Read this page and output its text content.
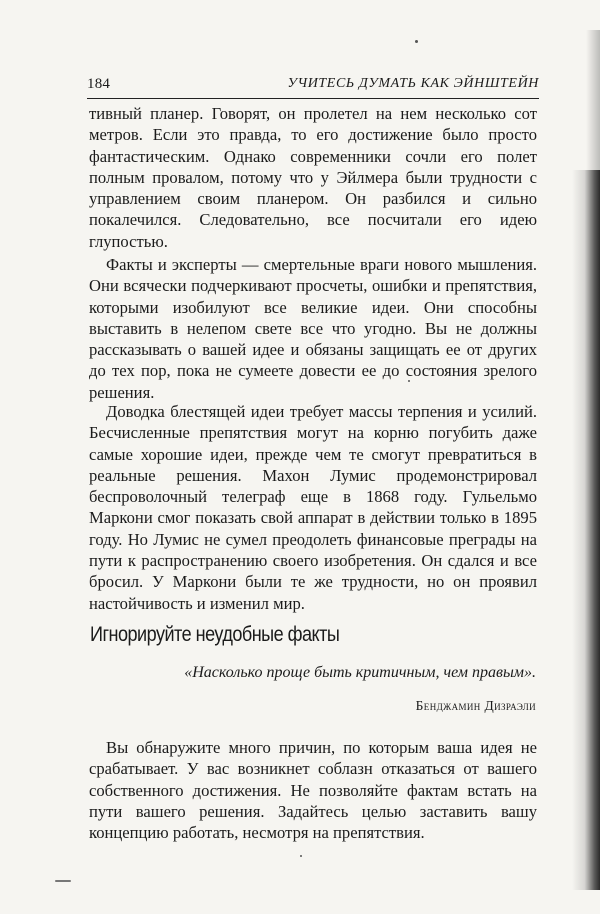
184	УЧИТЕСЬ ДУМАТЬ КАК ЭЙНШТЕЙН

тивный планер. Говорят, он пролетел на нем несколько сот метров. Если это правда, то его достижение было просто фантастическим. Однако современники сочли его полет полным провалом, потому что у Эйлмера были трудности с управлением своим планером. Он разбился и сильно покалечился. Следовательно, все посчитали его идею глупостью.

Факты и эксперты — смертельные враги нового мышления. Они всячески подчеркивают просчеты, ошибки и препятствия, которыми изобилуют все великие идеи. Они способны выставить в нелепом свете все что угодно. Вы не должны рассказывать о вашей идее и обязаны защищать ее от других до тех пор, пока не сумеете довести ее до состояния зрелого решения.

Доводка блестящей идеи требует массы терпения и усилий. Бесчисленные препятствия могут на корню погубить даже самые хорошие идеи, прежде чем те смогут превратиться в реальные решения. Махон Лумис продемонстрировал беспроволочный телеграф еще в 1868 году. Гульельмо Маркони смог показать свой аппарат в действии только в 1895 году. Но Лумис не сумел преодолеть финансовые преграды на пути к распространению своего изобретения. Он сдался и все бросил. У Маркони были те же трудности, но он проявил настойчивость и изменил мир.

Игнорируйте неудобные факты

«Насколько проще быть критичным, чем правым».

Бенджамин Дизраэли

Вы обнаружите много причин, по которым ваша идея не срабатывает. У вас возникнет соблазн отказаться от вашего собственного достижения. Не позволяйте фактам встать на пути вашего решения. Задайтесь целью заставить вашу концепцию работать, несмотря на препятствия.
